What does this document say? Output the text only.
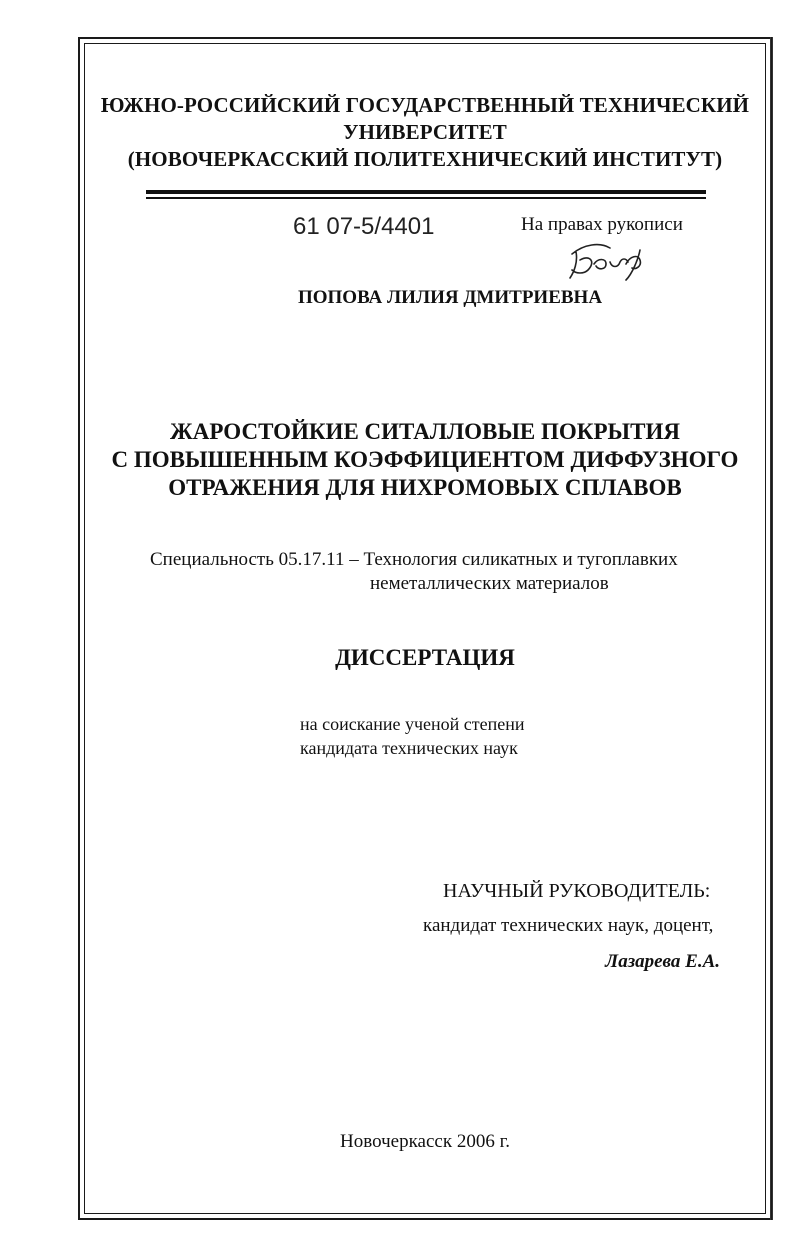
ЮЖНО-РОССИЙСКИЙ ГОСУДАРСТВЕННЫЙ ТЕХНИЧЕСКИЙ
УНИВЕРСИТЕТ
(НОВОЧЕРКАССКИЙ ПОЛИТЕХНИЧЕСКИЙ ИНСТИТУТ)
61 07-5/4401	На правах рукописи
ПОПОВА ЛИЛИЯ ДМИТРИЕВНА
ЖАРОСТОЙКИЕ СИТАЛЛОВЫЕ ПОКРЫТИЯ
С ПОВЫШЕННЫМ КОЭФФИЦИЕНТОМ ДИФФУЗНОГО
ОТРАЖЕНИЯ ДЛЯ НИХРОМОВЫХ СПЛАВОВ
Специальность 05.17.11 – Технология силикатных и тугоплавких
неметаллических материалов
ДИССЕРТАЦИЯ
на соискание ученой степени
кандидата технических наук
НАУЧНЫЙ РУКОВОДИТЕЛЬ:
кандидат технических наук, доцент,
Лазарева Е.А.
Новочеркасск 2006 г.
